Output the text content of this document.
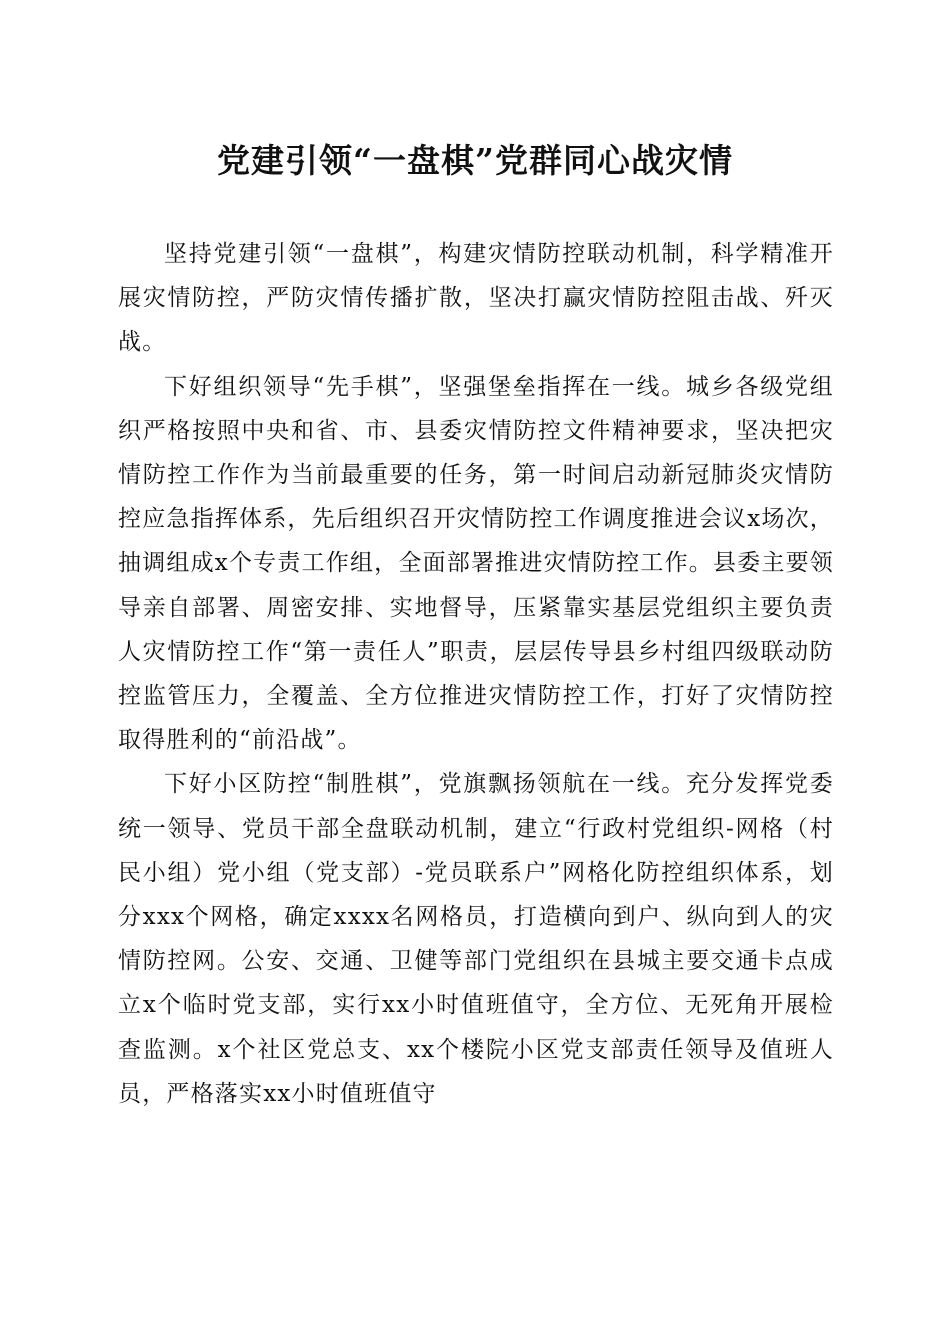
党建引领“一盘棋”党群同心战灾情

坚持党建引领“一盘棋”，构建灾情防控联动机制，科学精准开展灾情防控，严防灾情传播扩散，坚决打赢灾情防控阻击战、歼灭战。

下好组织领导“先手棋”，坚强堡垒指挥在一线。城乡各级党组织严格按照中央和省、市、县委灾情防控文件精神要求，坚决把灾情防控工作作为当前最重要的任务，第一时间启动新冠肺炎灾情防控应急指挥体系，先后组织召开灾情防控工作调度推进会议x场次，抽调组成x个专责工作组，全面部署推进灾情防控工作。县委主要领导亲自部署、周密安排、实地督导，压紧靠实基层党组织主要负责人灾情防控工作“第一责任人”职责，层层传导县乡村组四级联动防控监管压力，全覆盖、全方位推进灾情防控工作，打好了灾情防控取得胜利的“前沿战”。

下好小区防控“制胜棋”，党旗飘扬领航在一线。充分发挥党委统一领导、党员干部全盘联动机制，建立“行政村党组织-网格（村民小组）党小组（党支部）-党员联系户”网格化防控组织体系，划分xxx个网格，确定xxxx名网格员，打造横向到户、纵向到人的灾情防控网。公安、交通、卫健等部门党组织在县城主要交通卡点成立x个临时党支部，实行xx小时值班值守，全方位、无死角开展检查监测。x个社区党总支、xx个楼院小区党支部责任领导及值班人员，严格落实xx小时值班值守
